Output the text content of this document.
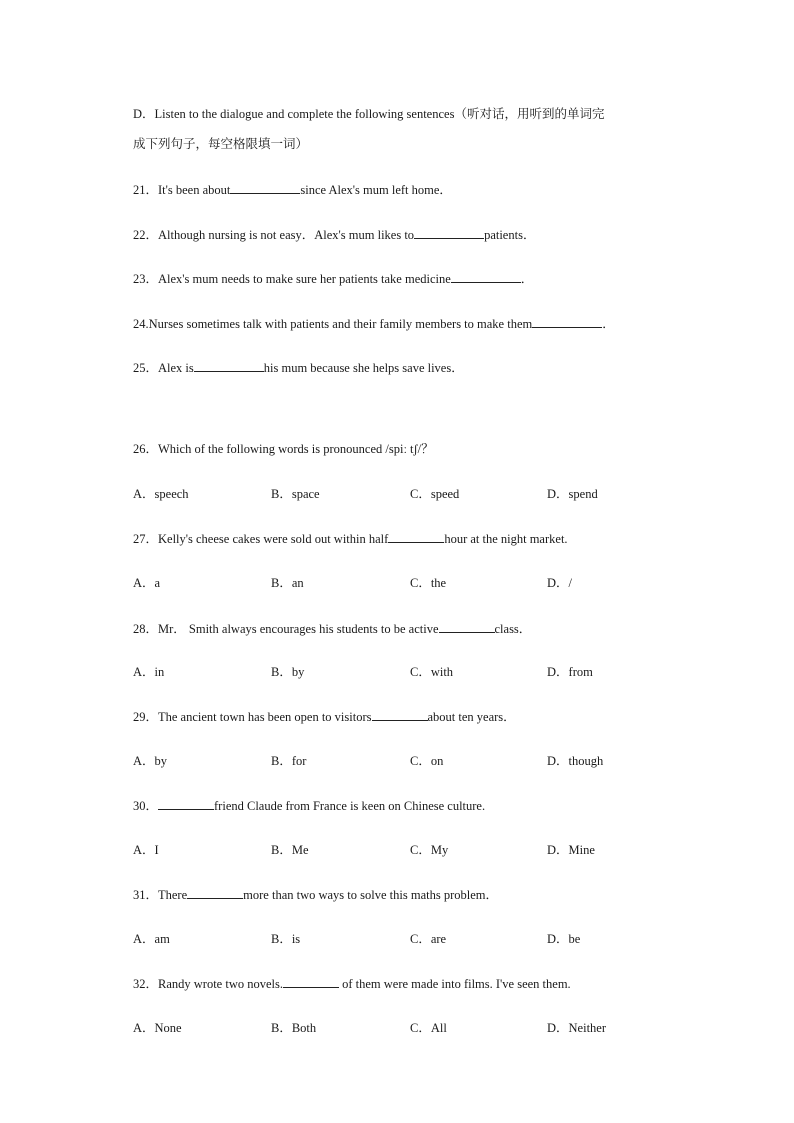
D．Listen to the dialogue and complete the following sentences（听对话，用听到的单词完
成下列句子，每空格限填一词）
21．It's been about	since Alex's mum left home．
22．Although nursing is not easy．Alex's mum likes to	patients．
23．Alex's mum needs to make sure her patients take medicine	．
24.Nurses sometimes talk with patients and their family members to make them	．
25．Alex is	his mum because she helps save lives．
26．Which of the following words is pronounced /spiː tʃ/？
A．speech	B．space	C．speed	D．spend
27．Kelly's cheese cakes were sold out within half	hour at the night market.
A．a	B．an	C．the	D．/
28．Mr． Smith always encourages his students to be active	class．
A．in	B．by	C．with	D．from
29．The ancient town has been open to visitors	about ten years．
A．by	B．for	C．on	D．though
30．	friend Claude from France is keen on Chinese culture.
A．I	B．Me	C．My	D．Mine
31．There	more than two ways to solve this maths problem．
A．am	B．is	C．are	D．be
32．Randy wrote two novels.	of them were made into films. I've seen them.
A．None	B．Both	C．All	D．Neither
